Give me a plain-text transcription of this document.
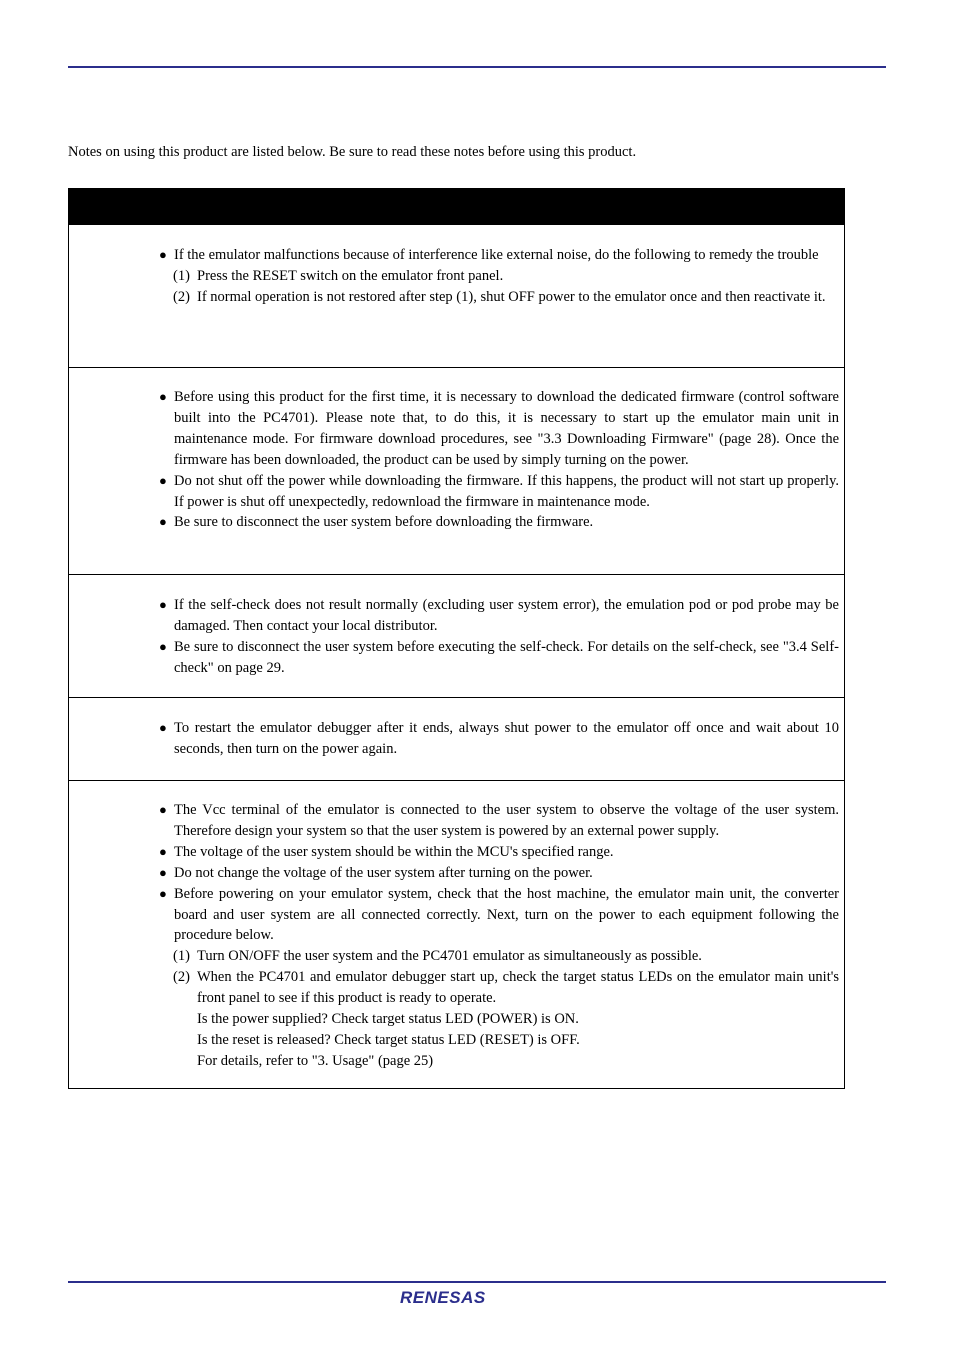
Notes on using this product are listed below. Be sure to read these notes before using this product.

● If the emulator malfunctions because of interference like external noise, do the following to remedy the trouble

(1) Press the RESET switch on the emulator front panel.

(2) If normal operation is not restored after step (1), shut OFF power to the emulator once and then reactivate it.

● Before using this product for the first time, it is necessary to download the dedicated firmware (control software built into the PC4701). Please note that, to do this, it is necessary to start up the emulator main unit in maintenance mode. For firmware download procedures, see "3.3 Downloading Firmware" (page 28). Once the firmware has been downloaded, the product can be used by simply turning on the power.

● Do not shut off the power while downloading the firmware. If this happens, the product will not start up properly. If power is shut off unexpectedly, redownload the firmware in maintenance mode.

● Be sure to disconnect the user system before downloading the firmware.

● If the self-check does not result normally (excluding user system error), the emulation pod or pod probe may be damaged. Then contact your local distributor.

● Be sure to disconnect the user system before executing the self-check. For details on the self-check, see "3.4 Self-check" on page 29.

● To restart the emulator debugger after it ends, always shut power to the emulator off once and wait about 10 seconds, then turn on the power again.

● The Vcc terminal of the emulator is connected to the user system to observe the voltage of the user system. Therefore design your system so that the user system is powered by an external power supply.

● The voltage of the user system should be within the MCU's specified range.

● Do not change the voltage of the user system after turning on the power.

● Before powering on your emulator system, check that the host machine, the emulator main unit, the converter board and user system are all connected correctly. Next, turn on the power to each equipment following the procedure below.

(1) Turn ON/OFF the user system and the PC4701 emulator as simultaneously as possible.

(2) When the PC4701 and emulator debugger start up, check the target status LEDs on the emulator main unit's front panel to see if this product is ready to operate.

Is the power supplied? Check target status LED (POWER) is ON.

Is the reset is released? Check target status LED (RESET) is OFF.

For details, refer to "3. Usage" (page 25)

RENESAS
